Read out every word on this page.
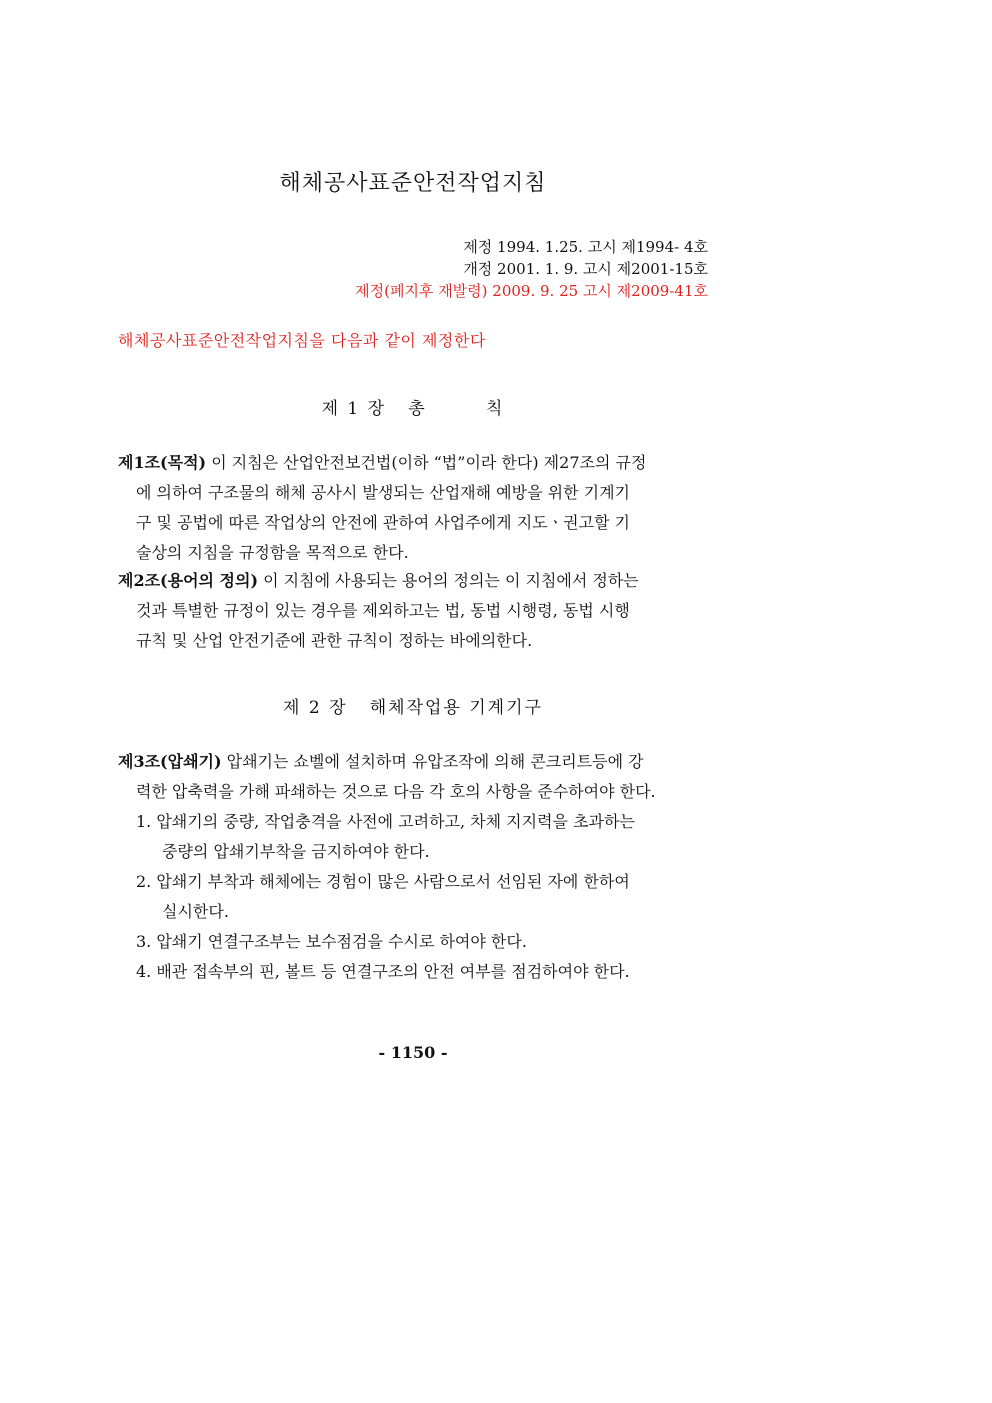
해체공사표준안전작업지침
제정 1994. 1.25. 고시 제1994- 4호
개정 2001. 1. 9. 고시 제2001-15호
제정(폐지후 재발령) 2009. 9. 25 고시 제2009-41호
해체공사표준안전작업지침을 다음과 같이 제정한다
제 1 장   총        칙
제1조(목적) 이 지침은 산업안전보건법(이하 “법”이라 한다) 제27조의 규정
에 의하여 구조물의 해체 공사시 발생되는 산업재해 예방을 위한 기계기
구 및 공법에 따른 작업상의 안전에 관하여 사업주에게 지도ㆍ권고할 기
술상의 지침을 규정함을 목적으로 한다.
제2조(용어의 정의) 이 지침에 사용되는 용어의 정의는 이 지침에서 정하는
것과 특별한 규정이 있는 경우를 제외하고는 법, 동법 시행령, 동법 시행
규칙 및 산업 안전기준에 관한 규칙이 정하는 바에의한다.
제 2 장   해체작업용 기계기구
제3조(압쇄기) 압쇄기는 쇼벨에 설치하며 유압조작에 의해 콘크리트등에 강
력한 압축력을 가해 파쇄하는 것으로 다음 각 호의 사항을 준수하여야 한다.
1. 압쇄기의 중량, 작업충격을 사전에 고려하고, 차체 지지력을 초과하는
중량의 압쇄기부착을 금지하여야 한다.
2. 압쇄기 부착과 해체에는 경험이 많은 사람으로서 선임된 자에 한하여
실시한다.
3. 압쇄기 연결구조부는 보수점검을 수시로 하여야 한다.
4. 배관 접속부의 핀, 볼트 등 연결구조의 안전 여부를 점검하여야 한다.
- 1150 -
